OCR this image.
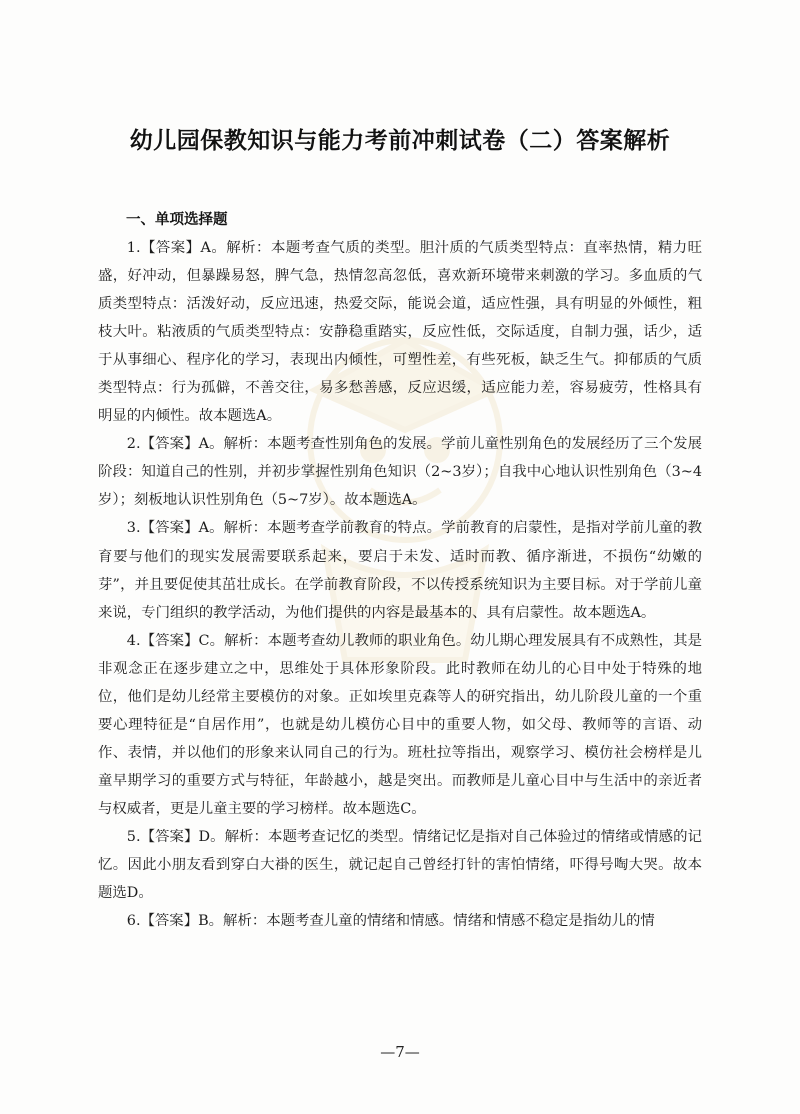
幼儿园保教知识与能力考前冲刺试卷（二）答案解析
一、单项选择题

1.【答案】A。解析：本题考查气质的类型。胆汁质的气质类型特点：直率热情，精力旺盛，好冲动，但暴躁易怒，脾气急，热情忽高忽低，喜欢新环境带来刺激的学习。多血质的气质类型特点：活泼好动，反应迅速，热爱交际，能说会道，适应性强，具有明显的外倾性，粗枝大叶。粘液质的气质类型特点：安静稳重踏实，反应性低，交际适度，自制力强，话少，适于从事细心、程序化的学习，表现出内倾性，可塑性差，有些死板，缺乏生气。抑郁质的气质类型特点：行为孤僻，不善交往，易多愁善感，反应迟缓，适应能力差，容易疲劳，性格具有明显的内倾性。故本题选A。

2.【答案】A。解析：本题考查性别角色的发展。学前儿童性别角色的发展经历了三个发展阶段：知道自己的性别，并初步掌握性别角色知识（2~3岁）；自我中心地认识性别角色（3~4岁）；刻板地认识性别角色（5~7岁）。故本题选A。

3.【答案】A。解析：本题考查学前教育的特点。学前教育的启蒙性，是指对学前儿童的教育要与他们的现实发展需要联系起来，要启于未发、适时而教、循序渐进，不损伤“幼嫩的芽”，并且要促使其茁壮成长。在学前教育阶段，不以传授系统知识为主要目标。对于学前儿童来说，专门组织的教学活动，为他们提供的内容是最基本的、具有启蒙性。故本题选A。

4.【答案】C。解析：本题考查幼儿教师的职业角色。幼儿期心理发展具有不成熟性，其是非观念正在逐步建立之中，思维处于具体形象阶段。此时教师在幼儿的心目中处于特殊的地位，他们是幼儿经常主要模仿的对象。正如埃里克森等人的研究指出，幼儿阶段儿童的一个重要心理特征是“自居作用”，也就是幼儿模仿心目中的重要人物，如父母、教师等的言语、动作、表情，并以他们的形象来认同自己的行为。班杜拉等指出，观察学习、模仿社会榜样是儿童早期学习的重要方式与特征，年龄越小，越是突出。而教师是儿童心目中与生活中的亲近者与权威者，更是儿童主要的学习榜样。故本题选C。

5.【答案】D。解析：本题考查记忆的类型。情绪记忆是指对自己体验过的情绪或情感的记忆。因此小朋友看到穿白大褂的医生，就记起自己曾经打针的害怕情绪，吓得号啕大哭。故本题选D。

6.【答案】B。解析：本题考查儿童的情绪和情感。情绪和情感不稳定是指幼儿的情

—7—
